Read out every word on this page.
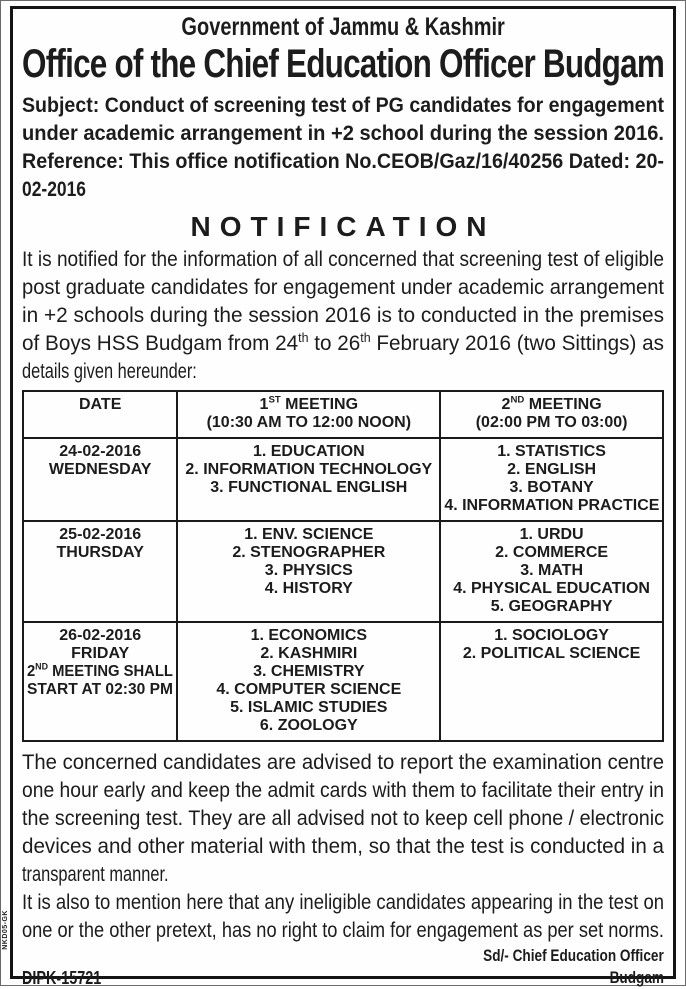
Government of Jammu & Kashmir
Office of the Chief Education Officer Budgam
Subject: Conduct of screening test of PG candidates for engagement
under academic arrangement in +2 school during the session 2016.
Reference: This office notification No.CEOB/Gaz/16/40256 Dated: 20-
02-2016
NOTIFICATION
It is notified for the information of all concerned that screening test of eligible
post graduate candidates for engagement under academic arrangement
in +2 schools during the session 2016 is to conducted in the premises
of Boys HSS Budgam from 24th to 26th February 2016 (two Sittings) as
details given hereunder:
DATE	1ST MEETING
(10:30 AM TO 12:00 NOON)
2ND MEETING
(02:00 PM TO 03:00)
24-02-2016
WEDNESDAY
1. EDUCATION
2. INFORMATION TECHNOLOGY
3. FUNCTIONAL ENGLISH
1. STATISTICS
2. ENGLISH
3. BOTANY
4. INFORMATION PRACTICE
25-02-2016
THURSDAY
1. ENV. SCIENCE
2. STENOGRAPHER
3. PHYSICS
4. HISTORY
1. URDU
2. COMMERCE
3. MATH
4. PHYSICAL EDUCATION
5. GEOGRAPHY
26-02-2016
FRIDAY
2ND MEETING SHALL
START AT 02:30 PM
1. ECONOMICS
2. KASHMIRI
3. CHEMISTRY
4. COMPUTER SCIENCE
5. ISLAMIC STUDIES
6. ZOOLOGY
1. SOCIOLOGY
2. POLITICAL SCIENCE
The concerned candidates are advised to report the examination centre
one hour early and keep the admit cards with them to facilitate their entry in
the screening test. They are all advised not to keep cell phone / electronic
devices and other material with them, so that the test is conducted in a
transparent manner.
It is also to mention here that any ineligible candidates appearing in the test on
one or the other pretext, has no right to claim for engagement as per set norms.
DIPK-15721
Sd/- Chief Education Officer
Budgam
NKD05-GK
